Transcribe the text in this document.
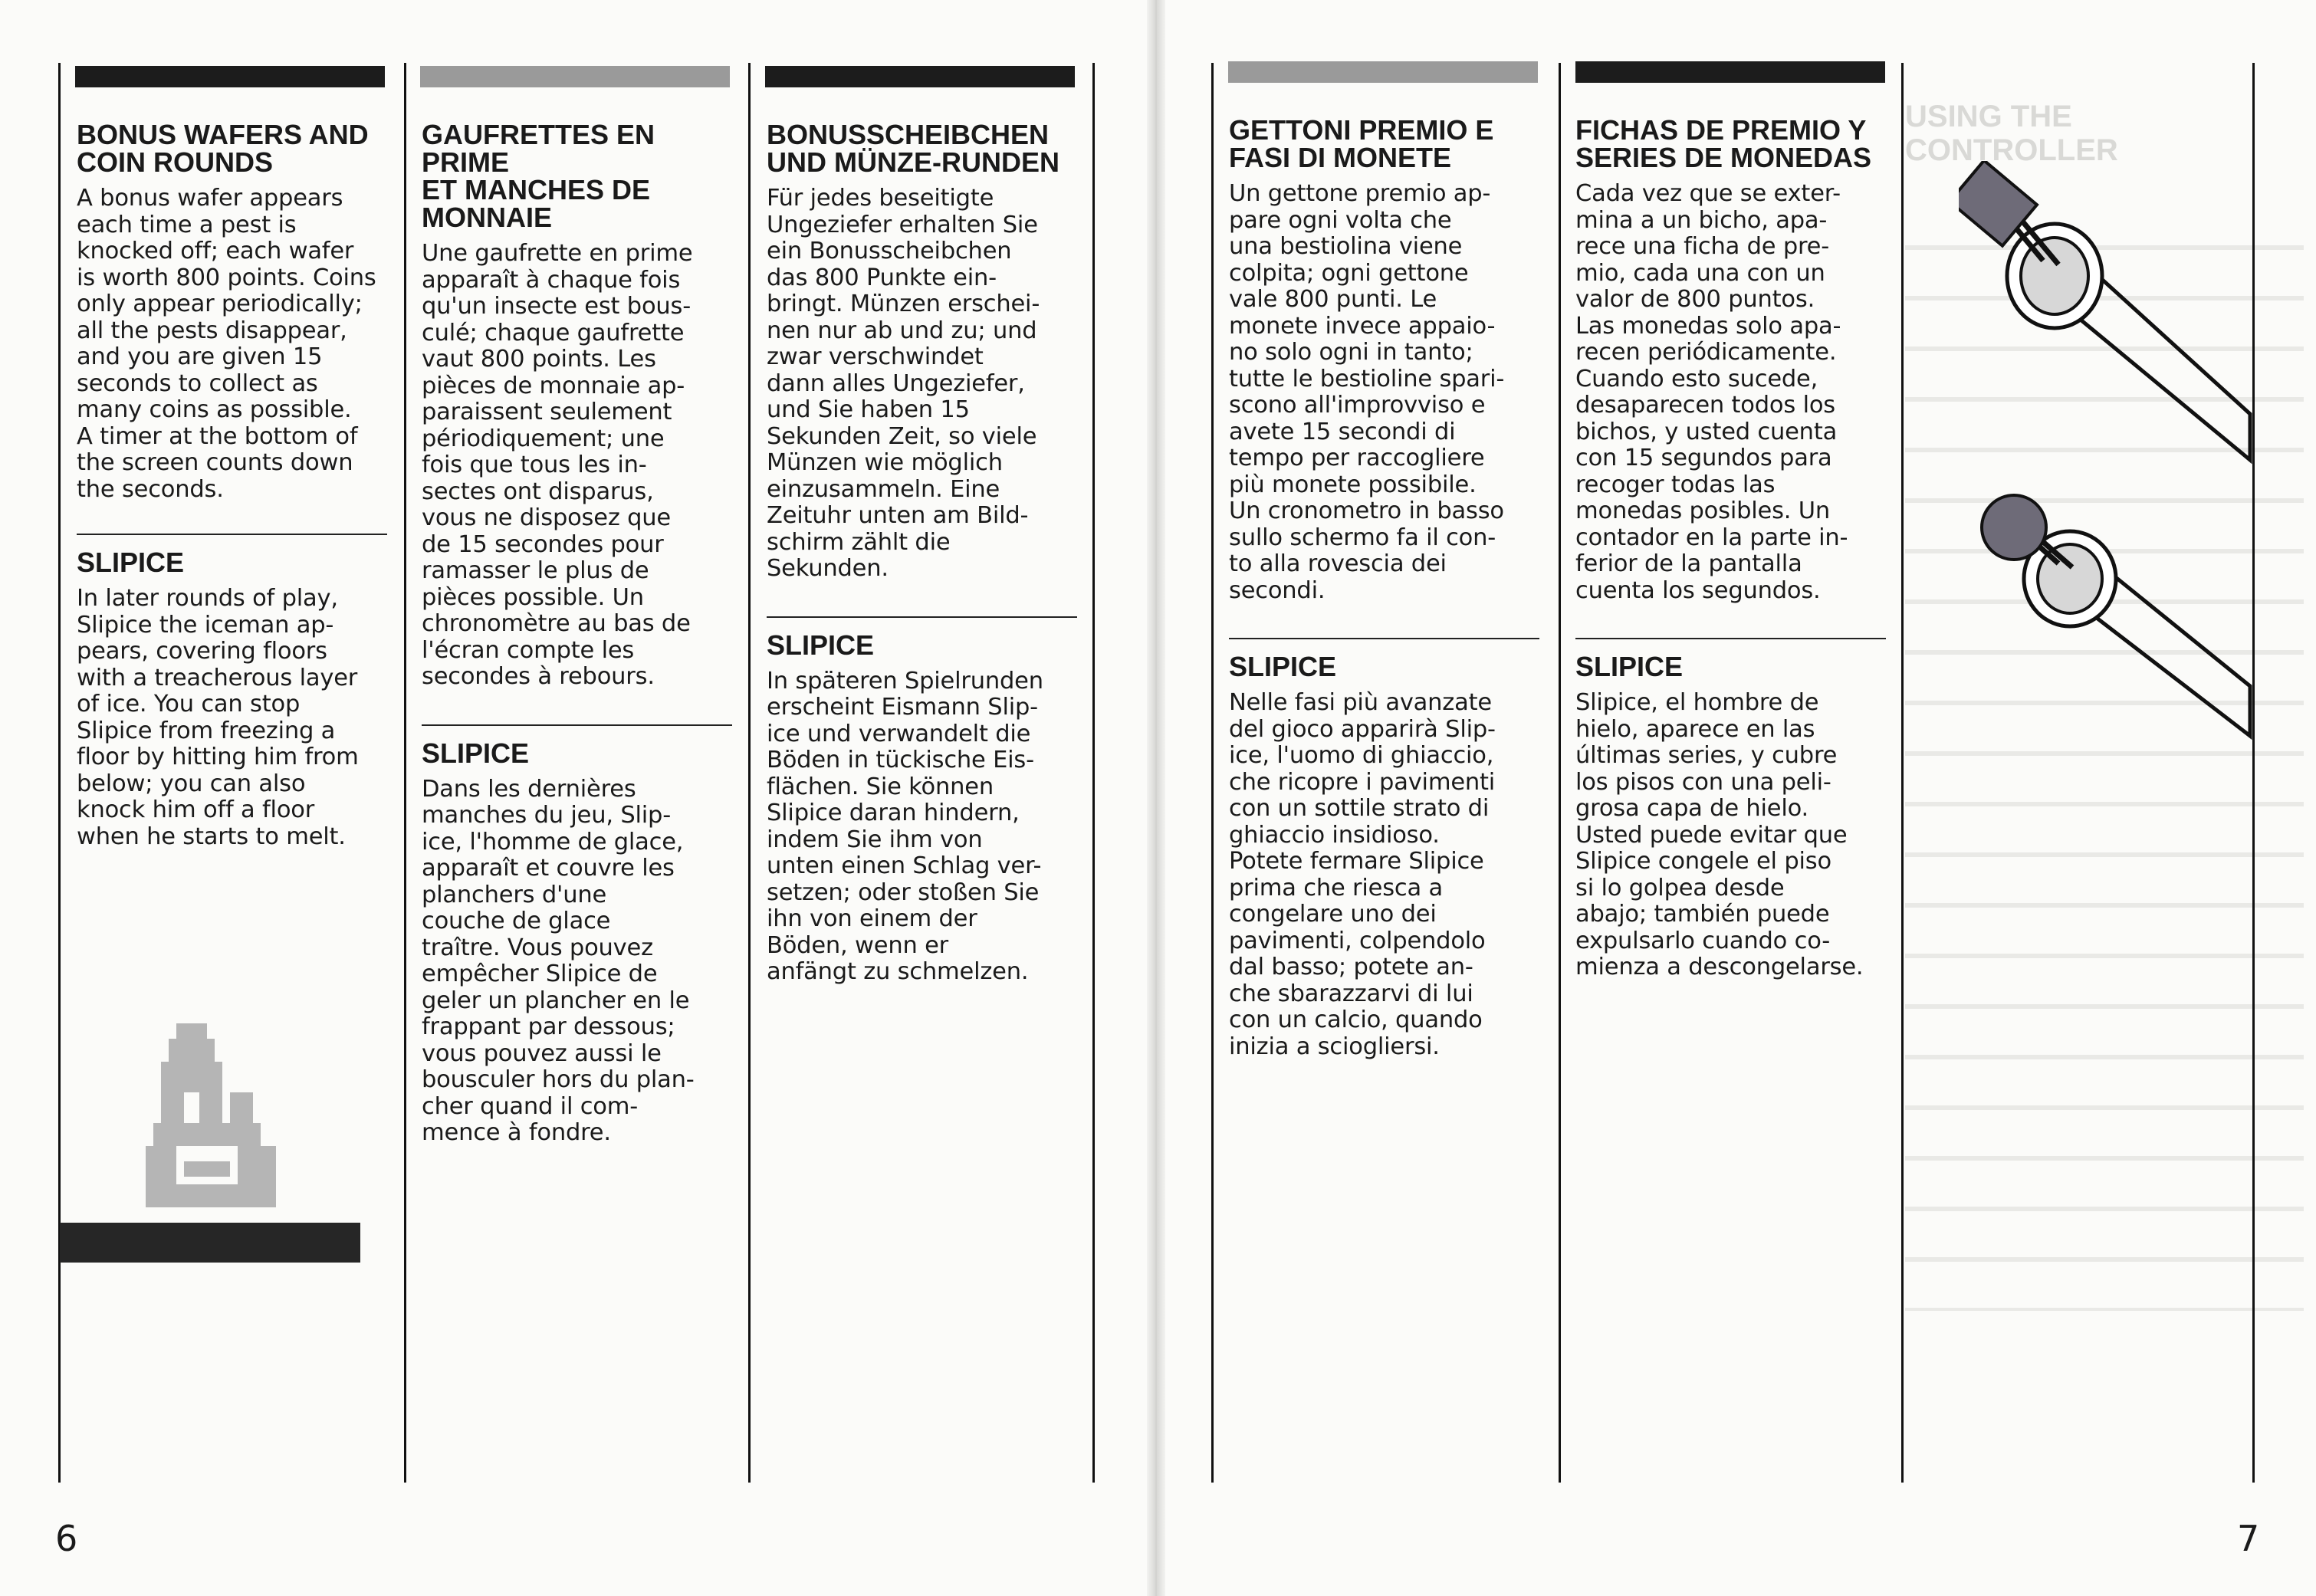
USING THE
CONTROLLER
BONUS WAFERS AND
COIN ROUNDS

A bonus wafer appears
each time a pest is
knocked off; each wafer
is worth 800 points. Coins
only appear periodically;
all the pests disappear,
and you are given 15
seconds to collect as
many coins as possible.
A timer at the bottom of
the screen counts down
the seconds.

SLIPICE

In later rounds of play,
Slipice the iceman ap-
pears, covering floors
with a treacherous layer
of ice. You can stop
Slipice from freezing a
floor by hitting him from
below; you can also
knock him off a floor
when he starts to melt.

GAUFRETTES EN PRIME
ET MANCHES DE
MONNAIE

Une gaufrette en prime
apparaît à chaque fois
qu'un insecte est bous-
culé; chaque gaufrette
vaut 800 points. Les
pièces de monnaie ap-
paraissent seulement
périodiquement; une
fois que tous les in-
sectes ont disparus,
vous ne disposez que
de 15 secondes pour
ramasser le plus de
pièces possible. Un
chronomètre au bas de
l'écran compte les
secondes à rebours.

SLIPICE

Dans les dernières
manches du jeu, Slip-
ice, l'homme de glace,
apparaît et couvre les
planchers d'une
couche de glace
traître. Vous pouvez
empêcher Slipice de
geler un plancher en le
frappant par dessous;
vous pouvez aussi le
bousculer hors du plan-
cher quand il com-
mence à fondre.

BONUSSCHEIBCHEN
UND MÜNZE-RUNDEN

Für jedes beseitigte
Ungeziefer erhalten Sie
ein Bonusscheibchen
das 800 Punkte ein-
bringt. Münzen erschei-
nen nur ab und zu; und
zwar verschwindet
dann alles Ungeziefer,
und Sie haben 15
Sekunden Zeit, so viele
Münzen wie möglich
einzusammeln. Eine
Zeituhr unten am Bild-
schirm zählt die
Sekunden.

SLIPICE

In späteren Spielrunden
erscheint Eismann Slip-
ice und verwandelt die
Böden in tückische Eis-
flächen. Sie können
Slipice daran hindern,
indem Sie ihm von
unten einen Schlag ver-
setzen; oder stoßen Sie
ihn von einem der
Böden, wenn er
anfängt zu schmelzen.

GETTONI PREMIO E
FASI DI MONETE

Un gettone premio ap-
pare ogni volta che
una bestiolina viene
colpita; ogni gettone
vale 800 punti. Le
monete invece appaio-
no solo ogni in tanto;
tutte le bestioline spari-
scono all'improvviso e
avete 15 secondi di
tempo per raccogliere
più monete possibile.
Un cronometro in basso
sullo schermo fa il con-
to alla rovescia dei
secondi.

SLIPICE

Nelle fasi più avanzate
del gioco apparirà Slip-
ice, l'uomo di ghiaccio,
che ricopre i pavimenti
con un sottile strato di
ghiaccio insidioso.
Potete fermare Slipice
prima che riesca a
congelare uno dei
pavimenti, colpendolo
dal basso; potete an-
che sbarazzarvi di lui
con un calcio, quando
inizia a sciogliersi.

FICHAS DE PREMIO Y
SERIES DE MONEDAS

Cada vez que se exter-
mina a un bicho, apa-
rece una ficha de pre-
mio, cada una con un
valor de 800 puntos.
Las monedas solo apa-
recen periódicamente.
Cuando esto sucede,
desaparecen todos los
bichos, y usted cuenta
con 15 segundos para
recoger todas las
monedas posibles. Un
contador en la parte in-
ferior de la pantalla
cuenta los segundos.

SLIPICE

Slipice, el hombre de
hielo, aparece en las
últimas series, y cubre
los pisos con una peli-
grosa capa de hielo.
Usted puede evitar que
Slipice congele el piso
si lo golpea desde
abajo; también puede
expulsarlo cuando co-
mienza a descongelarse.

6	7
